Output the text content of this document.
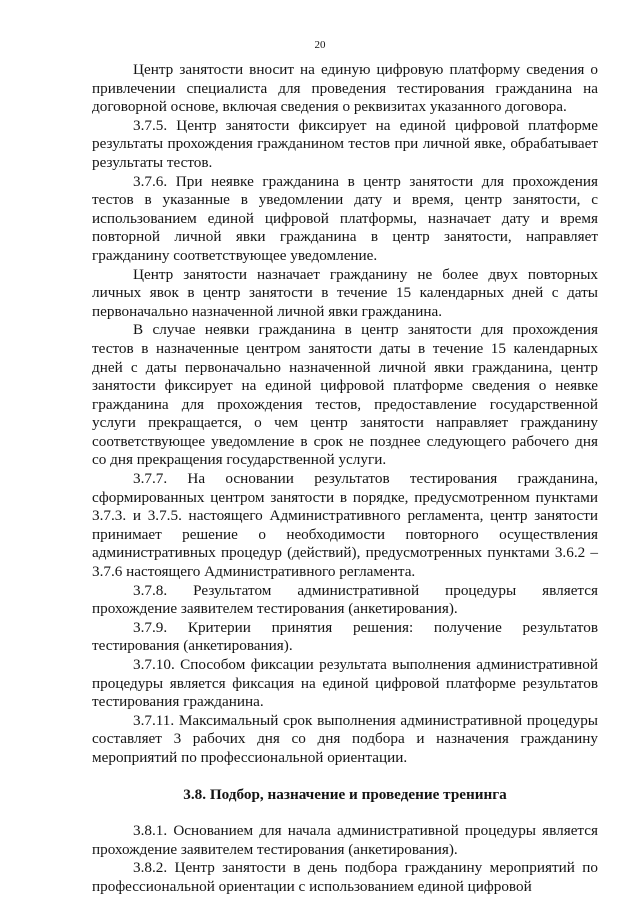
20

Центр занятости вносит на единую цифровую платформу сведения о привлечении специалиста для проведения тестирования гражданина на договорной основе, включая сведения о реквизитах указанного договора.

3.7.5. Центр занятости фиксирует на единой цифровой платформе результаты прохождения гражданином тестов при личной явке, обрабатывает результаты тестов.

3.7.6. При неявке гражданина в центр занятости для прохождения тестов в указанные в уведомлении дату и время, центр занятости, с использованием единой цифровой платформы, назначает дату и время повторной личной явки гражданина в центр занятости, направляет гражданину соответствующее уведомление.

Центр занятости назначает гражданину не более двух повторных личных явок в центр занятости в течение 15 календарных дней с даты первоначально назначенной личной явки гражданина.

В случае неявки гражданина в центр занятости для прохождения тестов в назначенные центром занятости даты в течение 15 календарных дней с даты первоначально назначенной личной явки гражданина, центр занятости фиксирует на единой цифровой платформе сведения о неявке гражданина для прохождения тестов, предоставление государственной услуги прекращается, о чем центр занятости направляет гражданину соответствующее уведомление в срок не позднее следующего рабочего дня со дня прекращения государственной услуги.

3.7.7. На основании результатов тестирования гражданина, сформированных центром занятости в порядке, предусмотренном пунктами 3.7.3. и 3.7.5. настоящего Административного регламента, центр занятости принимает решение о необходимости повторного осуществления административных процедур (действий), предусмотренных пунктами 3.6.2 – 3.7.6 настоящего Административного регламента.

3.7.8. Результатом административной процедуры является прохождение заявителем тестирования (анкетирования).

3.7.9. Критерии принятия решения: получение результатов тестирования (анкетирования).

3.7.10. Способом фиксации результата выполнения административной процедуры является фиксация на единой цифровой платформе результатов тестирования гражданина.

3.7.11. Максимальный срок выполнения административной процедуры составляет 3 рабочих дня со дня подбора и назначения гражданину мероприятий по профессиональной ориентации.

3.8. Подбор, назначение и проведение тренинга

3.8.1. Основанием для начала административной процедуры является прохождение заявителем тестирования (анкетирования).

3.8.2. Центр занятости в день подбора гражданину мероприятий по профессиональной ориентации с использованием единой цифровой
